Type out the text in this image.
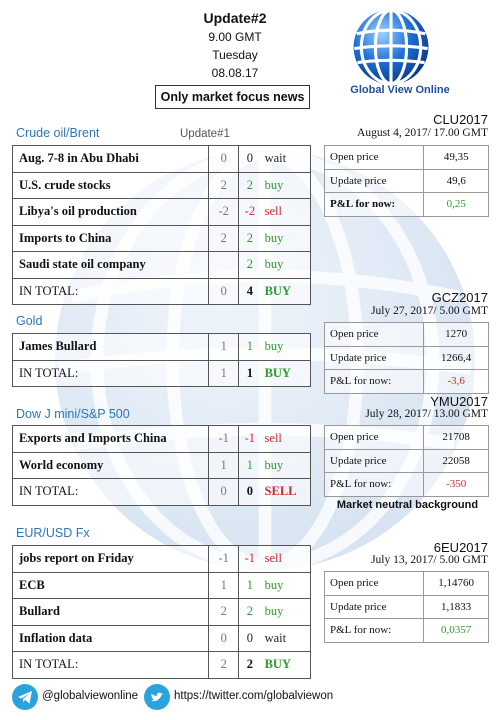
Update#2
9.00 GMT
Tuesday
08.08.17
Only market focus news	Global View Online
Crude oil/Brent	Update#1
Aug. 7-8 in Abu Dhabi	0	0	wait
U.S. crude stocks	2	2	buy
Libya's oil production	-2	-2	sell
Imports to China	2	2	buy
Saudi state oil company		2	buy
IN TOTAL:	0	4	BUY
CLU2017
August 4, 2017/ 17.00 GMT
Open price	49,35
Update price	49,6
P&L for now:	0,25
Gold
James Bullard	1	1	buy
IN TOTAL:	1	1	BUY
GCZ2017
July 27, 2017/ 5.00 GMT
Open price	1270
Update price	1266,4
P&L for now:	-3,6
Dow J mini/S&P 500
Exports and Imports China	-1	-1	sell
World economy	1	1	buy
IN TOTAL:	0	0	SELL
YMU2017
July 28, 2017/ 13.00 GMT
Open price	21708
Update price	22058
P&L for now:	-350
Market neutral background
EUR/USD Fx
jobs report on Friday	-1	-1	sell
ECB	1	1	buy
Bullard	2	2	buy
Inflation data	0	0	wait
IN TOTAL:	2	2	BUY
6EU2017
July 13, 2017/ 5.00 GMT
Open price	1,14760
Update price	1,1833
P&L for now:	0,0357
@globalviewonline	https://twitter.com/globalviewon
